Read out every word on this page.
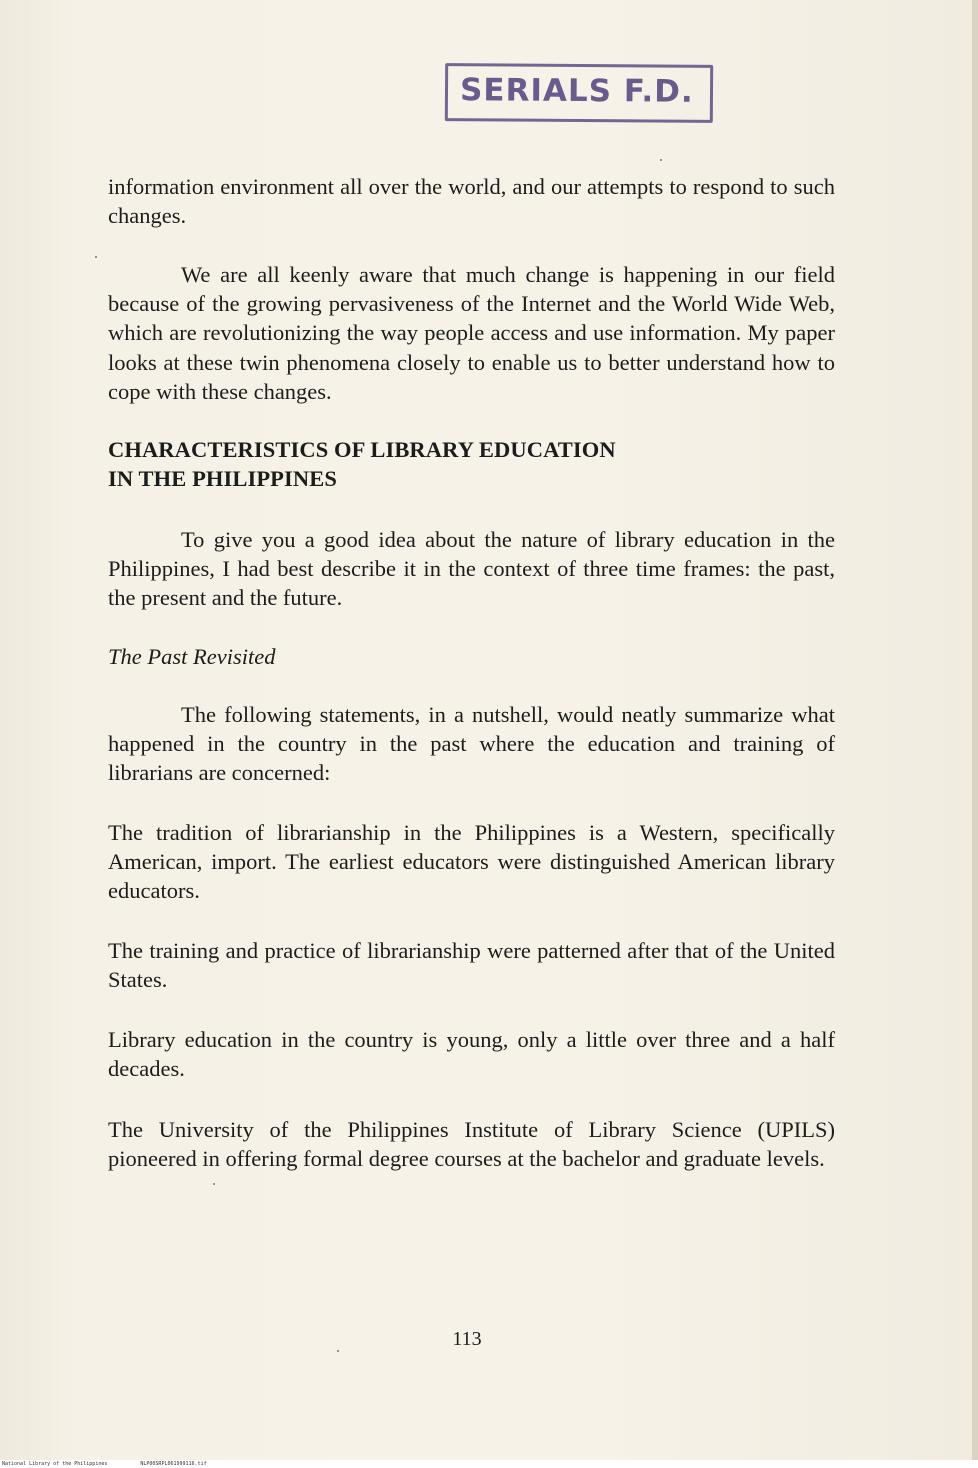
SERIALS F.D.

information environment all over the world, and our attempts to respond to such changes.

We are all keenly aware that much change is happening in our field because of the growing pervasiveness of the Internet and the World Wide Web, which are revolutionizing the way people access and use information. My paper looks at these twin phenomena closely to enable us to better understand how to cope with these changes.

CHARACTERISTICS OF LIBRARY EDUCATION
IN THE PHILIPPINES

To give you a good idea about the nature of library education in the Philippines, I had best describe it in the context of three time frames: the past, the present and the future.

The Past Revisited

The following statements, in a nutshell, would neatly summarize what happened in the country in the past where the education and training of librarians are concerned:

The tradition of librarianship in the Philippines is a Western, specifically American, import. The earliest educators were distinguished American library educators.

The training and practice of librarianship were patterned after that of the United States.

Library education in the country is young, only a little over three and a half decades.

The University of the Philippines Institute of Library Science (UPILS) pioneered in offering formal degree courses at the bachelor and graduate levels.

113
National Library of the Philippines	NLP00SRPL061999116.tif
